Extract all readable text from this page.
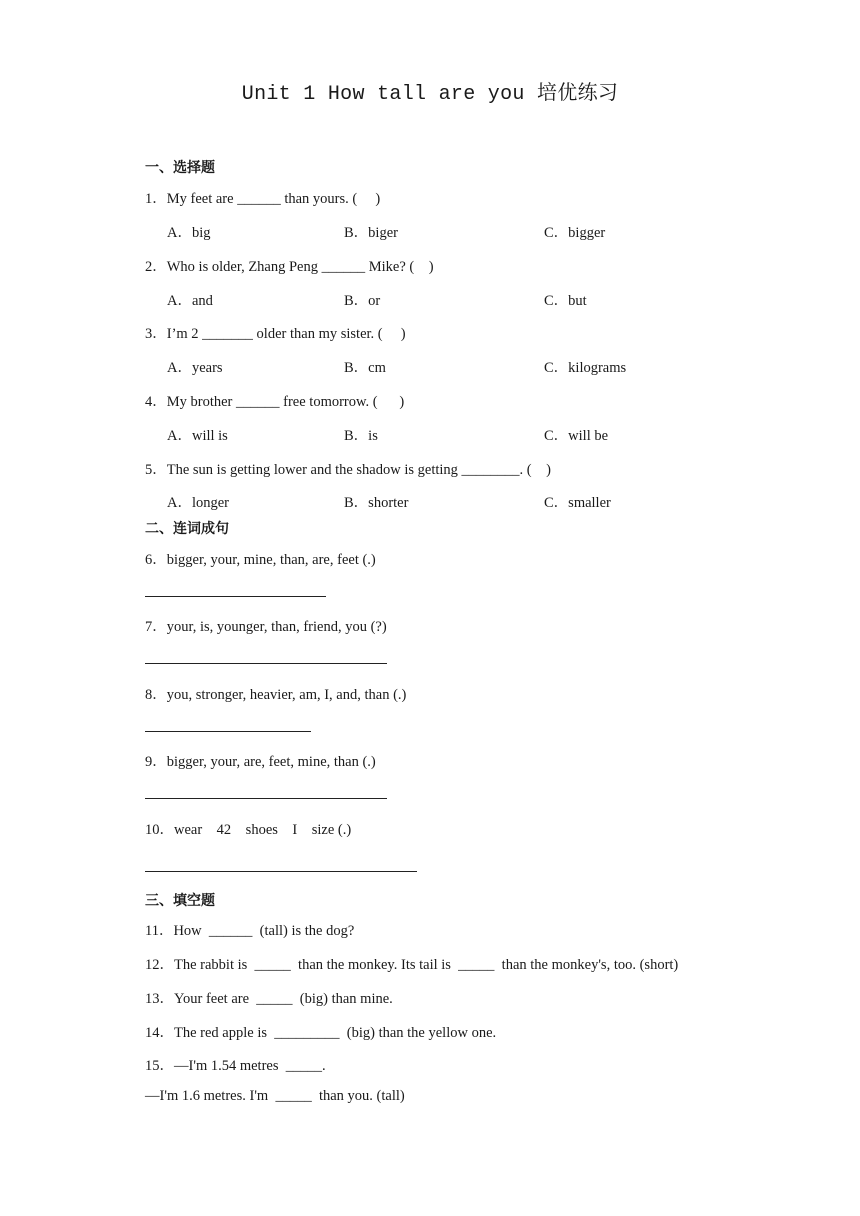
Unit 1 How tall are you 培优练习
一、选择题
1．My feet are ______ than yours. (     )
A．big	B．biger	C．bigger
2．Who is older, Zhang Peng ______ Mike? (    )
A．and	B．or	C．but
3．I’m 2 _______ older than my sister. (     )
A．years	B．cm	C．kilograms
4．My brother ______ free tomorrow. (      )
A．will is	B．is	C．will be
5．The sun is getting lower and the shadow is getting ________. (    )
A．longer	B．shorter	C．smaller
二、连词成句
6．bigger, your, mine, than, are, feet (.)
7．your, is, younger, than, friend, you (?)
8．you, stronger, heavier, am, I, and, than (.)
9．bigger, your, are, feet, mine, than (.)
10．wear    42    shoes    I    size (.)
三、填空题
11．How  ______  (tall) is the dog?
12．The rabbit is  _____  than the monkey. Its tail is  _____  than the monkey's, too. (short)
13．Your feet are  _____  (big) than mine.
14．The red apple is  _________  (big) than the yellow one.
15．—I'm 1.54 metres  _____.
—I'm 1.6 metres. I'm  _____  than you. (tall)
